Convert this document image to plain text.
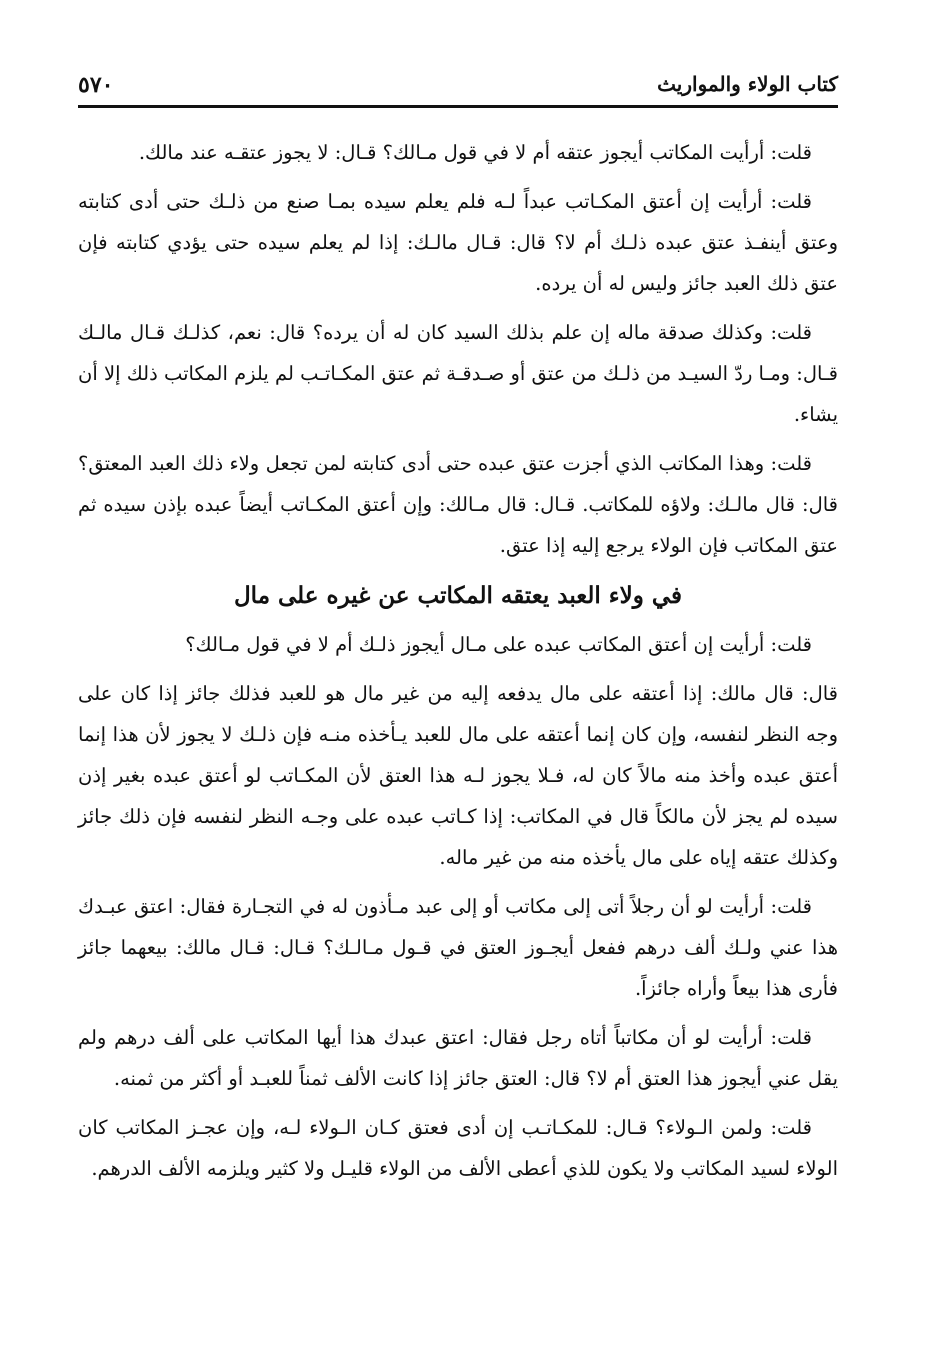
كتاب الولاء والمواريث
٥٧٠

قلت: أرأيت المكاتب أيجوز عتقه أم لا في قول مـالك؟ قـال: لا يجوز عتقـه عند مالك.

قلت: أرأيت إن أعتق المكـاتب عبداً لـه فلم يعلم سيده بمـا صنع من ذلـك حتى أدى كتابته وعتق أينفـذ عتق عبده ذلـك أم لا؟ قال: قـال مالـك: إذا لم يعلم سيده حتى يؤدي كتابته فإن عتق ذلك العبد جائز وليس له أن يرده.

قلت: وكذلك صدقة ماله إن علم بذلك السيد كان له أن يرده؟ قال: نعم، كذلـك قـال مالـك قـال: ومـا ردّ السيـد من ذلـك من عتق أو صـدقـة ثم عتق المكـاتـب لم يلزم المكاتب ذلك إلا أن يشاء.

قلت: وهذا المكاتب الذي أجزت عتق عبده حتى أدى كتابته لمن تجعل ولاء ذلك العبد المعتق؟ قال: قال مالـك: ولاؤه للمكاتب. قـال: قال مـالك: وإن أعتق المكـاتب أيضاً عبده بإذن سيده ثم عتق المكاتب فإن الولاء يرجع إليه إذا عتق.

في ولاء العبد يعتقه المكاتب عن غيره على مال

قلت: أرأيت إن أعتق المكاتب عبده على مـال أيجوز ذلـك أم لا في قول مـالك؟

قال: قال مالك: إذا أعتقه على مال يدفعه إليه من غير مال هو للعبد فذلك جائز إذا كان على وجه النظر لنفسه، وإن كان إنما أعتقه على مال للعبد يـأخذه منـه فإن ذلـك لا يجوز لأن هذا إنما أعتق عبده وأخذ منه مالاً كان له، فـلا يجوز لـه هذا العتق لأن المكـاتب لو أعتق عبده بغير إذن سيده لم يجز لأن مالكاً قال في المكاتب: إذا كـاتب عبده على وجـه النظر لنفسه فإن ذلك جائز وكذلك عتقه إياه على مال يأخذه منه من غير ماله.

قلت: أرأيت لو أن رجلاً أتى إلى مكاتب أو إلى عبد مـأذون له في التجـارة فقال: اعتق عبـدك هذا عني ولـك ألف درهم ففعل أيجـوز العتق في قـول مـالـك؟ قـال: قـال مالك: بيعهما جائز فأرى هذا بيعاً وأراه جائزاً.

قلت: أرأيت لو أن مكاتباً أتاه رجل فقال: اعتق عبدك هذا أيها المكاتب على ألف درهم ولم يقل عني أيجوز هذا العتق أم لا؟ قال: العتق جائز إذا كانت الألف ثمناً للعبـد أو أكثر من ثمنه.

قلت: ولمن الـولاء؟ قـال: للمكـاتـب إن أدى فعتق كـان الـولاء لـه، وإن عجـز المكاتب كان الولاء لسيد المكاتب ولا يكون للذي أعطى الألف من الولاء قليـل ولا كثير ويلزمه الألف الدرهم.
